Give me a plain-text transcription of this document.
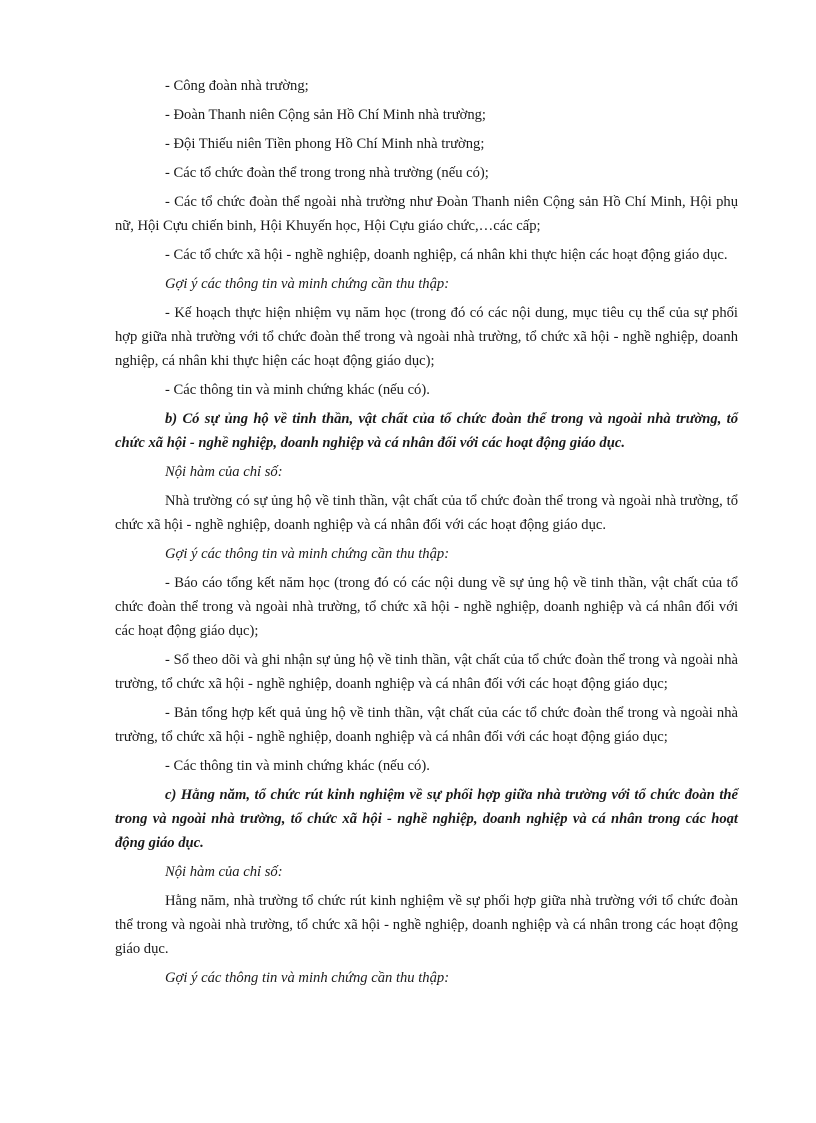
- Công đoàn nhà trường;

- Đoàn Thanh niên Cộng sản Hồ Chí Minh nhà trường;

- Đội Thiếu niên Tiền phong Hồ Chí Minh nhà trường;

- Các tổ chức đoàn thể trong trong nhà trường (nếu có);

- Các tổ chức đoàn thể ngoài nhà trường như Đoàn Thanh niên Cộng sản Hồ Chí Minh, Hội phụ nữ, Hội Cựu chiến binh, Hội Khuyến học, Hội Cựu giáo chức,…các cấp;

- Các tổ chức xã hội - nghề nghiệp, doanh nghiệp, cá nhân khi thực hiện các hoạt động giáo dục.

Gợi ý các thông tin và minh chứng cần thu thập:

- Kế hoạch thực hiện nhiệm vụ năm học (trong đó có các nội dung, mục tiêu cụ thể của sự phối hợp giữa nhà trường với tổ chức đoàn thể trong và ngoài nhà trường, tổ chức xã hội - nghề nghiệp, doanh nghiệp, cá nhân khi thực hiện các hoạt động giáo dục);

- Các thông tin và minh chứng khác (nếu có).

b) Có sự ủng hộ về tinh thần, vật chất của tổ chức đoàn thể trong và ngoài nhà trường, tổ chức xã hội - nghề nghiệp, doanh nghiệp và cá nhân đối với các hoạt động giáo dục.

Nội hàm của chỉ số:

Nhà trường có sự ủng hộ về tinh thần, vật chất của tổ chức đoàn thể trong và ngoài nhà trường, tổ chức xã hội - nghề nghiệp, doanh nghiệp và cá nhân đối với các hoạt động giáo dục.

Gợi ý các thông tin và minh chứng cần thu thập:

- Báo cáo tổng kết năm học (trong đó có các nội dung về sự ủng hộ về tinh thần, vật chất của tổ chức đoàn thể trong và ngoài nhà trường, tổ chức xã hội - nghề nghiệp, doanh nghiệp và cá nhân đối với các hoạt động giáo dục);

- Sổ theo dõi và ghi nhận sự ủng hộ về tinh thần, vật chất của tổ chức đoàn thể trong và ngoài nhà trường, tổ chức xã hội - nghề nghiệp, doanh nghiệp và cá nhân đối với các hoạt động giáo dục;

- Bản tổng hợp kết quả ủng hộ về tinh thần, vật chất của các tổ chức đoàn thể trong và ngoài nhà trường, tổ chức xã hội - nghề nghiệp, doanh nghiệp và cá nhân đối với các hoạt động giáo dục;

- Các thông tin và minh chứng khác (nếu có).

c) Hằng năm, tổ chức rút kinh nghiệm về sự phối hợp giữa nhà trường với tổ chức đoàn thể trong và ngoài nhà trường, tổ chức xã hội - nghề nghiệp, doanh nghiệp và cá nhân trong các hoạt động giáo dục.

Nội hàm của chỉ số:

Hằng năm, nhà trường tổ chức rút kinh nghiệm về sự phối hợp giữa nhà trường với tổ chức đoàn thể trong và ngoài nhà trường, tổ chức xã hội - nghề nghiệp, doanh nghiệp và cá nhân trong các hoạt động giáo dục.

Gợi ý các thông tin và minh chứng cần thu thập:
